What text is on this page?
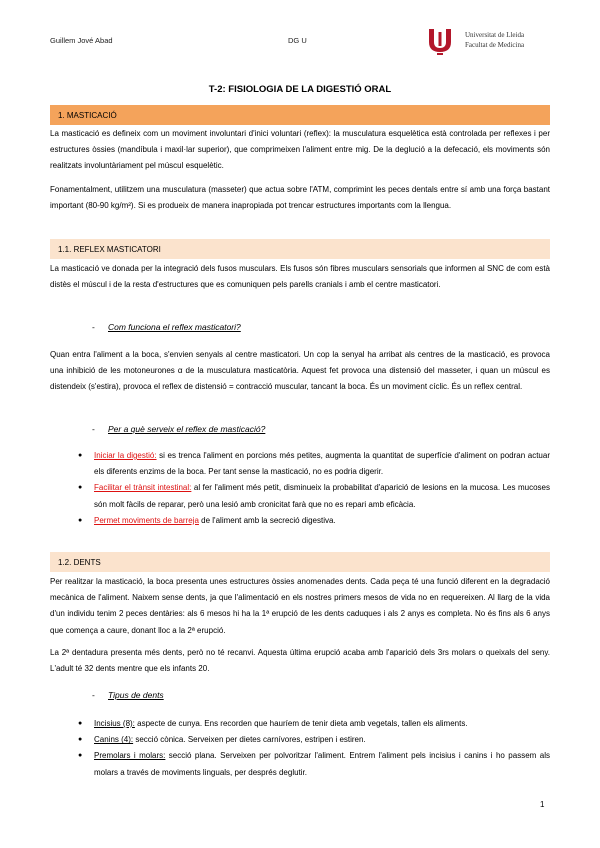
Guillem Jové Abad	DG U
Universitat de Lleida
Facultat de Medicina
T-2: FISIOLOGIA DE LA DIGESTIÓ ORAL
1. MASTICACIÓ
La masticació es defineix com un moviment involuntari d'inici voluntari (reflex): la musculatura esquelètica està controlada per reflexes i per estructures òssies (mandíbula i maxil·lar superior), que comprimeixen l'aliment entre mig. De la deglució a la defecació, els moviments són realitzats involuntàriament pel múscul esquelètic.
Fonamentalment, utilitzem una musculatura (masseter) que actua sobre l'ATM, comprimint les peces dentals entre sí amb una força bastant important (80-90 kg/m²). Si es produeix de manera inapropiada pot trencar estructures importants com la llengua.
1.1. REFLEX MASTICATORI
La masticació ve donada per la integració dels fusos musculars. Els fusos són fibres musculars sensorials que informen al SNC de com està distès el múscul i de la resta d'estructures que es comuniquen pels parells cranials i amb el centre masticatori.
- Com funciona el reflex masticatori?
Quan entra l'aliment a la boca, s'envien senyals al centre masticatori. Un cop la senyal ha arribat als centres de la masticació, es provoca una inhibició de les motoneurones α de la musculatura masticatòria. Aquest fet provoca una distensió del masseter, i quan un múscul es distendeix (s'estira), provoca el reflex de distensió = contracció muscular, tancant la boca. És un moviment cíclic. És un reflex central.
- Per a què serveix el reflex de masticació?
● Iniciar la digestió: si es trenca l'aliment en porcions més petites, augmenta la quantitat de superfície d'aliment on podran actuar els diferents enzims de la boca. Per tant sense la masticació, no es podria digerir.
● Facilitar el trànsit intestinal: al fer l'aliment més petit, disminueix la probabilitat d'aparició de lesions en la mucosa. Les mucoses són molt fàcils de reparar, però una lesió amb cronicitat farà que no es repari amb eficàcia.
● Permet moviments de barreja de l'aliment amb la secreció digestiva.
1.2. DENTS
Per realitzar la masticació, la boca presenta unes estructures òssies anomenades dents. Cada peça té una funció diferent en la degradació mecànica de l'aliment. Naixem sense dents, ja que l'alimentació en els nostres primers mesos de vida no en requereixen. Al llarg de la vida d'un individu tenim 2 peces dentàries: als 6 mesos hi ha la 1ª erupció de les dents caduques i als 2 anys es completa. No és fins als 6 anys que comença a caure, donant lloc a la 2ª erupció.
La 2ª dentadura presenta més dents, però no té recanvi. Aquesta última erupció acaba amb l'aparició dels 3rs molars o queixals del seny. L'adult té 32 dents mentre que els infants 20.
- Tipus de dents
● Incisius (8): aspecte de cunya. Ens recorden que hauríem de tenir dieta amb vegetals, tallen els aliments.
● Canins (4): secció cònica. Serveixen per dietes carnívores, estripen i estiren.
● Premolars i molars: secció plana. Serveixen per polvoritzar l'aliment. Entrem l'aliment pels incisius i canins i ho passem als molars a través de moviments linguals, per després deglutir.
1
